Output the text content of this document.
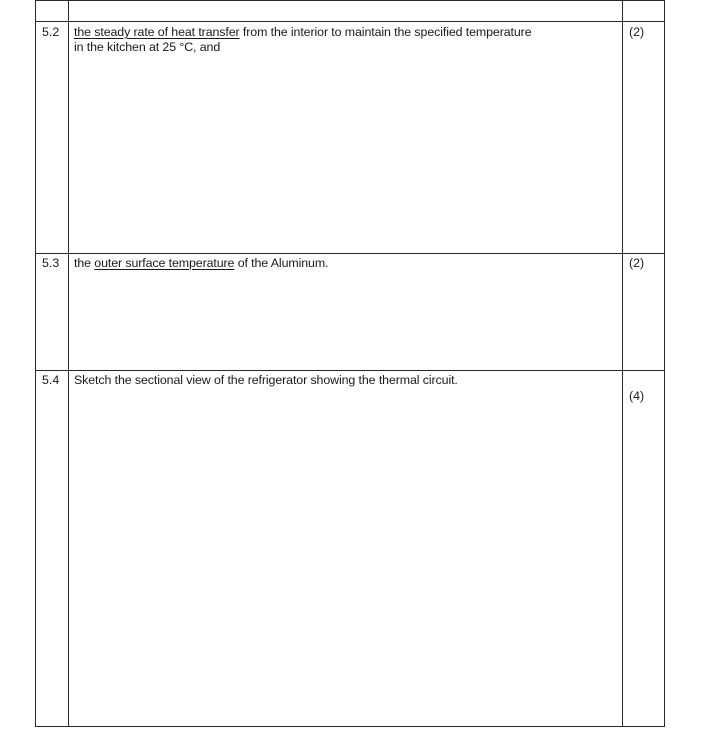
5.2 the steady rate of heat transfer from the interior to maintain the specified temperature
in the kitchen at 25 °C, and
(2)
5.3 the outer surface temperature of the Aluminum.	(2)
5.4 Sketch the sectional view of the refrigerator showing the thermal circuit.
(4)
